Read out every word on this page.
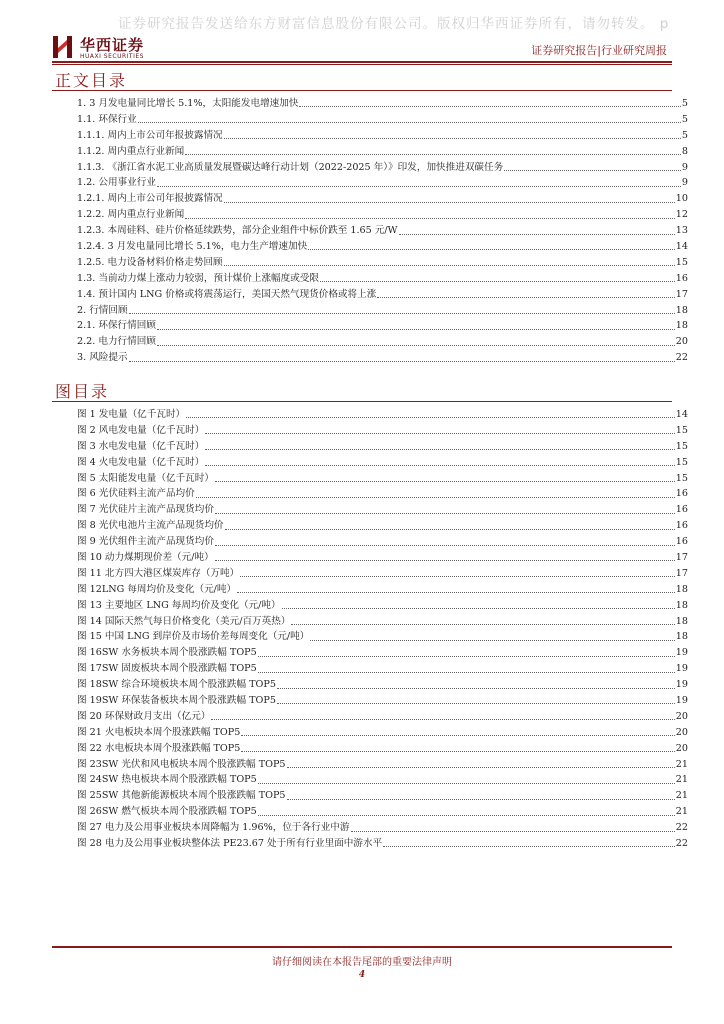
证券研究报告发送给东方财富信息股份有限公司。版权归华西证券所有，请勿转发。 p
华西证券
HUAXI SECURITIES	证券研究报告|行业研究周报
正文目录
1. 3 月发电量同比增长 5.1%，太阳能发电增速加快	5
1.1. 环保行业	5
1.1.1. 周内上市公司年报披露情况	5
1.1.2. 周内重点行业新闻	8
1.1.3. 《浙江省水泥工业高质量发展暨碳达峰行动计划（2022-2025 年）》印发，加快推进双碳任务	9
1.2. 公用事业行业	9
1.2.1. 周内上市公司年报披露情况	10
1.2.2. 周内重点行业新闻	12
1.2.3. 本周硅料、硅片价格延续跌势，部分企业组件中标价跌至 1.65 元/W	13
1.2.4. 3 月发电量同比增长 5.1%，电力生产增速加快	14
1.2.5. 电力设备材料价格走势回顾	15
1.3. 当前动力煤上涨动力较弱，预计煤价上涨幅度或受限	16
1.4. 预计国内 LNG 价格或将震荡运行，美国天然气现货价格或将上涨	17
2. 行情回顾	18
2.1. 环保行情回顾	18
2.2. 电力行情回顾	20
3. 风险提示	22
图目录
图 1 发电量（亿千瓦时）	14
图 2 风电发电量（亿千瓦时）	15
图 3 水电发电量（亿千瓦时）	15
图 4 火电发电量（亿千瓦时）	15
图 5 太阳能发电量（亿千瓦时）	15
图 6 光伏硅料主流产品均价	16
图 7 光伏硅片主流产品现货均价	16
图 8 光伏电池片主流产品现货均价	16
图 9 光伏组件主流产品现货均价	16
图 10 动力煤期现价差（元/吨）	17
图 11 北方四大港区煤炭库存（万吨）	17
图 12LNG 每周均价及变化（元/吨）	18
图 13 主要地区 LNG 每周均价及变化（元/吨）	18
图 14 国际天然气每日价格变化（美元/百万英热）	18
图 15 中国 LNG 到岸价及市场价差每周变化（元/吨）	18
图 16SW 水务板块本周个股涨跌幅 TOP5	19
图 17SW 固废板块本周个股涨跌幅 TOP5	19
图 18SW 综合环境板块本周个股涨跌幅 TOP5	19
图 19SW 环保装备板块本周个股涨跌幅 TOP5	19
图 20 环保财政月支出（亿元）	20
图 21 火电板块本周个股涨跌幅 TOP5	20
图 22 水电板块本周个股涨跌幅 TOP5	20
图 23SW 光伏和风电板块本周个股涨跌幅 TOP5	21
图 24SW 热电板块本周个股涨跌幅 TOP5	21
图 25SW 其他新能源板块本周个股涨跌幅 TOP5	21
图 26SW 燃气板块本周个股涨跌幅 TOP5	21
图 27 电力及公用事业板块本周降幅为 1.96%，位于各行业中游	22
图 28 电力及公用事业板块整体法 PE23.67 处于所有行业里面中游水平	22
请仔细阅读在本报告尾部的重要法律声明
4
